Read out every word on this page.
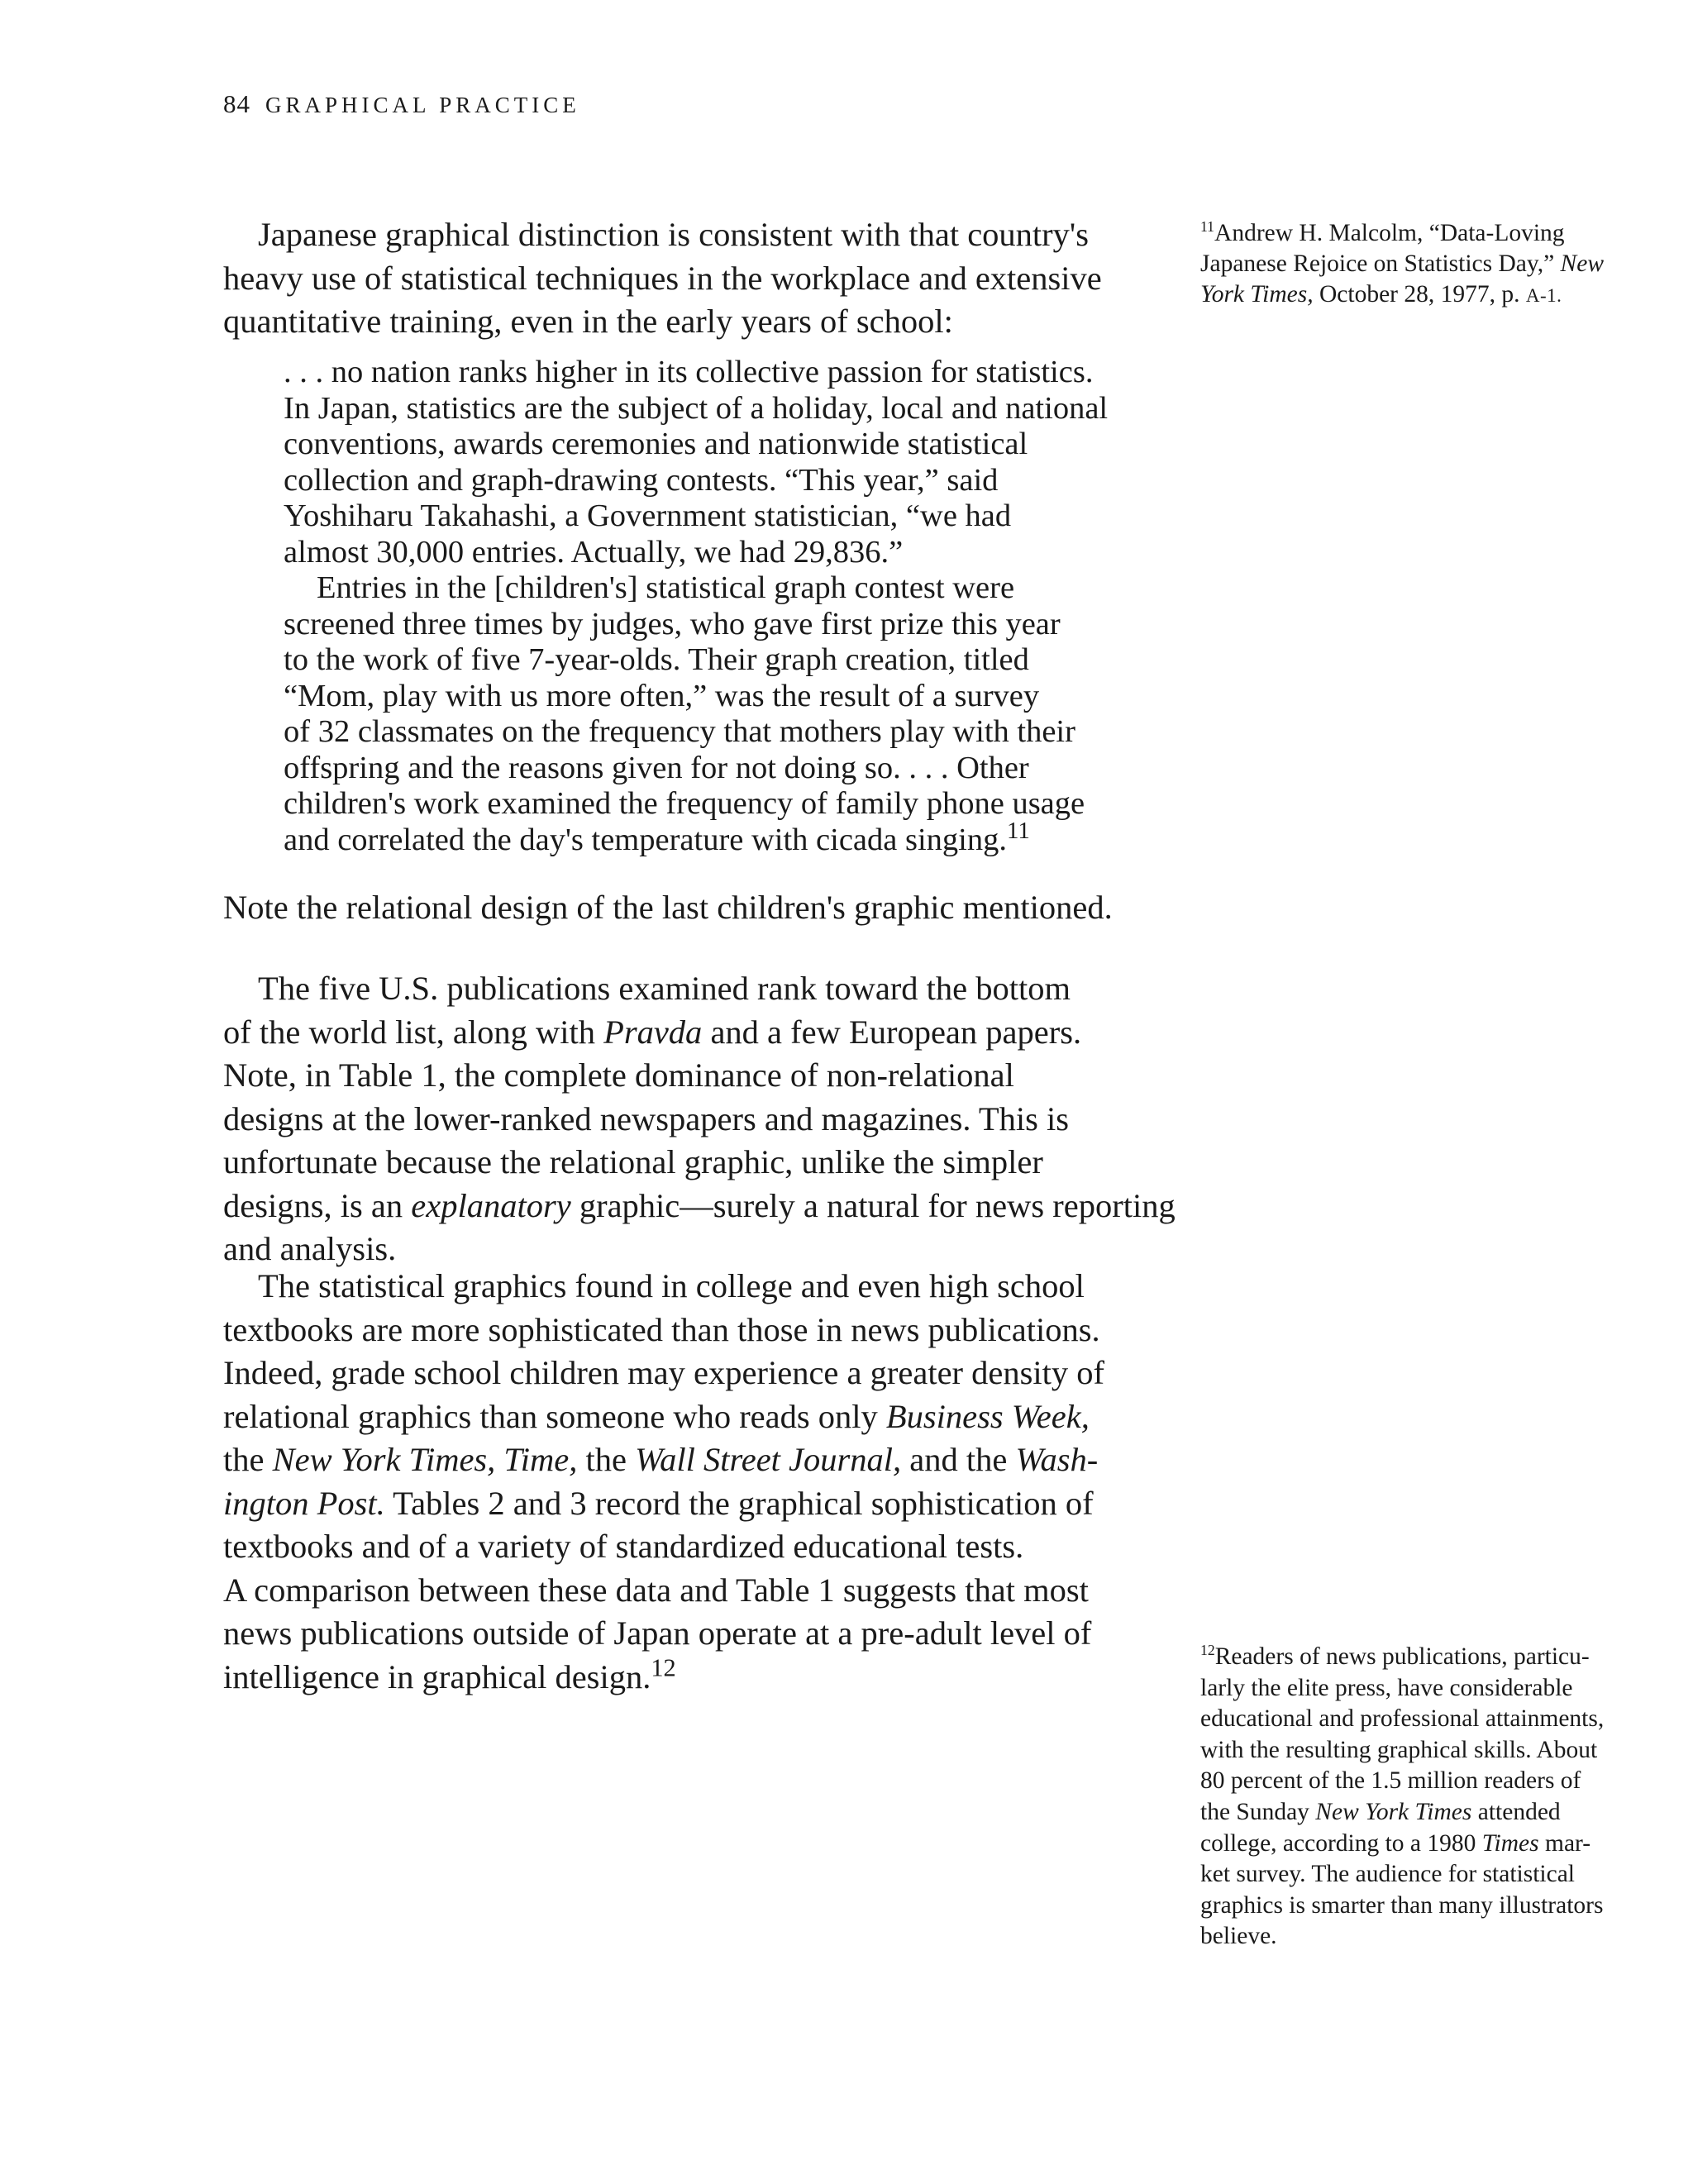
84 GRAPHICAL PRACTICE
Japanese graphical distinction is consistent with that country's
heavy use of statistical techniques in the workplace and extensive
quantitative training, even in the early years of school:
. . . no nation ranks higher in its collective passion for statistics.
In Japan, statistics are the subject of a holiday, local and national
conventions, awards ceremonies and nationwide statistical
collection and graph-drawing contests. “This year,” said
Yoshiharu Takahashi, a Government statistician, “we had
almost 30,000 entries. Actually, we had 29,836.”
Entries in the [children's] statistical graph contest were
screened three times by judges, who gave first prize this year
to the work of five 7-year-olds. Their graph creation, titled
“Mom, play with us more often,” was the result of a survey
of 32 classmates on the frequency that mothers play with their
offspring and the reasons given for not doing so. . . . Other
children's work examined the frequency of family phone usage
and correlated the day's temperature with cicada singing.$^{11}$
Note the relational design of the last children's graphic mentioned.
The five U.S. publications examined rank toward the bottom
of the world list, along with Pravda and a few European papers.
Note, in Table 1, the complete dominance of non-relational
designs at the lower-ranked newspapers and magazines. This is
unfortunate because the relational graphic, unlike the simpler
designs, is an explanatory graphic—surely a natural for news reporting
and analysis.
The statistical graphics found in college and even high school
textbooks are more sophisticated than those in news publications.
Indeed, grade school children may experience a greater density of
relational graphics than someone who reads only Business Week,
the New York Times, Time, the Wall Street Journal, and the Wash-
ington Post. Tables 2 and 3 record the graphical sophistication of
textbooks and of a variety of standardized educational tests.
A comparison between these data and Table 1 suggests that most
news publications outside of Japan operate at a pre-adult level of
intelligence in graphical design.$^{12}$
$^{11}$Andrew H. Malcolm, “Data-Loving
Japanese Rejoice on Statistics Day,” New
York Times, October 28, 1977, p. A-1.
$^{12}$Readers of news publications, particu-
larly the elite press, have considerable
educational and professional attainments,
with the resulting graphical skills. About
80 percent of the 1.5 million readers of
the Sunday New York Times attended
college, according to a 1980 Times mar-
ket survey. The audience for statistical
graphics is smarter than many illustrators
believe.
